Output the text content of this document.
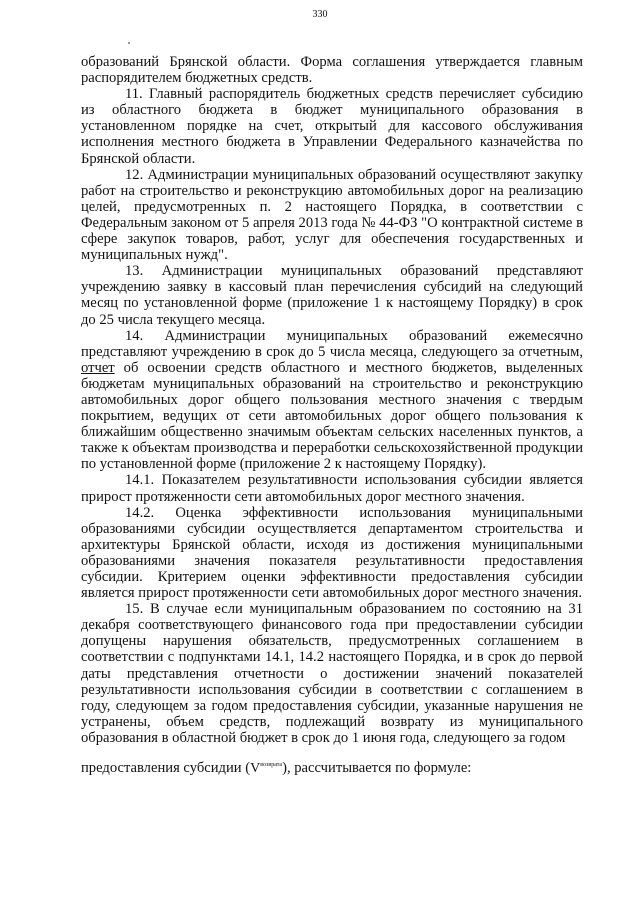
330

образований Брянской области. Форма соглашения утверждается главным распорядителем бюджетных средств.

11. Главный распорядитель бюджетных средств перечисляет субсидию из областного бюджета в бюджет муниципального образования в установленном порядке на счет, открытый для кассового обслуживания исполнения местного бюджета в Управлении Федерального казначейства по Брянской области.

12. Администрации муниципальных образований осуществляют закупку работ на строительство и реконструкцию автомобильных дорог на реализацию целей, предусмотренных п. 2 настоящего Порядка, в соответствии с Федеральным законом от 5 апреля 2013 года № 44-ФЗ "О контрактной системе в сфере закупок товаров, работ, услуг для обеспечения государственных и муниципальных нужд".

13. Администрации муниципальных образований представляют учреждению заявку в кассовый план перечисления субсидий на следующий месяц по установленной форме (приложение 1 к настоящему Порядку) в срок до 25 числа текущего месяца.

14. Администрации муниципальных образований ежемесячно представляют учреждению в срок до 5 числа месяца, следующего за отчетным, отчет об освоении средств областного и местного бюджетов, выделенных бюджетам муниципальных образований на строительство и реконструкцию автомобильных дорог общего пользования местного значения с твердым покрытием, ведущих от сети автомобильных дорог общего пользования к ближайшим общественно значимым объектам сельских населенных пунктов, а также к объектам производства и переработки сельскохозяйственной продукции по установленной форме (приложение 2 к настоящему Порядку).

14.1. Показателем результативности использования субсидии является прирост протяженности сети автомобильных дорог местного значения.

14.2. Оценка эффективности использования муниципальными образованиями субсидии осуществляется департаментом строительства и архитектуры Брянской области, исходя из достижения муниципальными образованиями значения показателя результативности предоставления субсидии. Критерием оценки эффективности предоставления субсидии является прирост протяженности сети автомобильных дорог местного значения.

15. В случае если муниципальным образованием по состоянию на 31 декабря соответствующего финансового года при предоставлении субсидии допущены нарушения обязательств, предусмотренных соглашением в соответствии с подпунктами 14.1, 14.2 настоящего Порядка, и в срок до первой даты представления отчетности о достижении значений показателей результативности использования субсидии в соответствии с соглашением в году, следующем за годом предоставления субсидии, указанные нарушения не устранены, объем средств, подлежащий возврату из муниципального образования в областной бюджет в срок до 1 июня года, следующего за годом

предоставления субсидии $(V^{возврата})$, рассчитывается по формуле:
